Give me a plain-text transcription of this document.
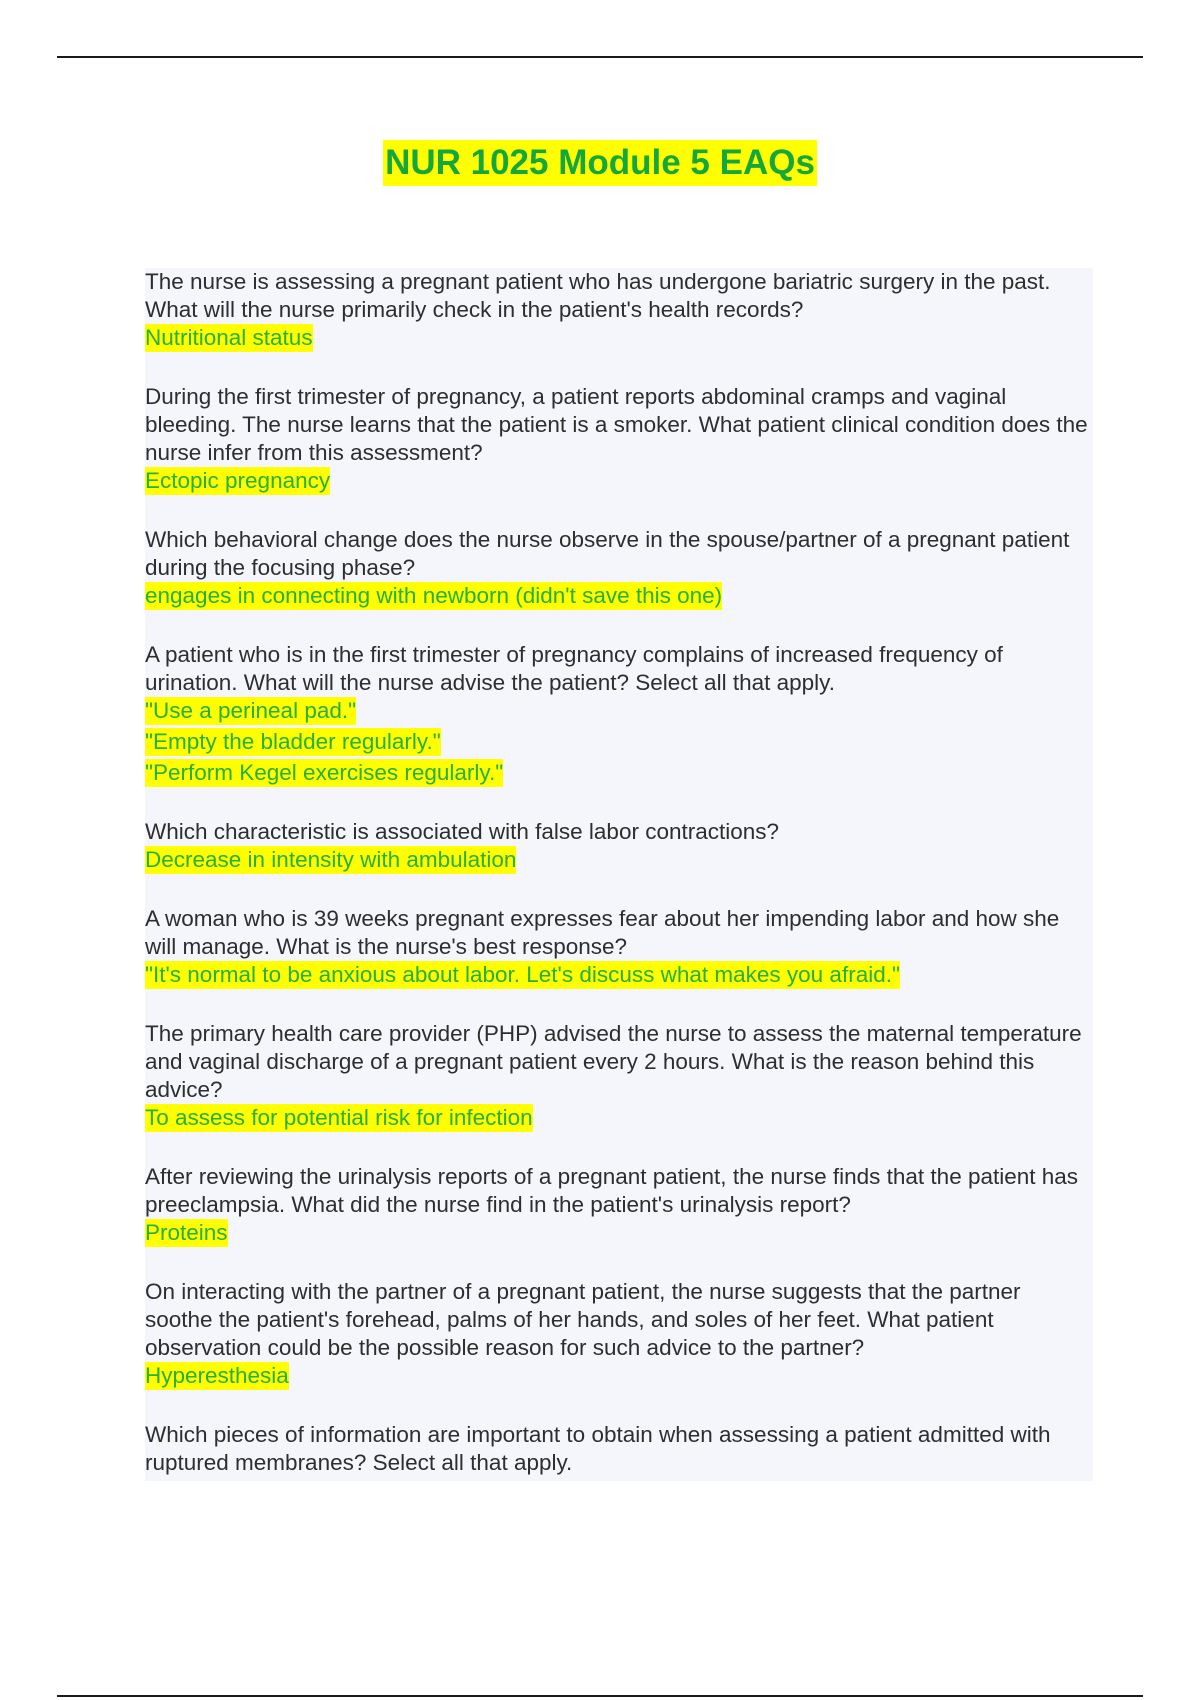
NUR 1025 Module 5 EAQs

The nurse is assessing a pregnant patient who has undergone bariatric surgery in the past. What will the nurse primarily check in the patient's health records?

Nutritional status

During the first trimester of pregnancy, a patient reports abdominal cramps and vaginal bleeding. The nurse learns that the patient is a smoker. What patient clinical condition does the nurse infer from this assessment?

Ectopic pregnancy

Which behavioral change does the nurse observe in the spouse/partner of a pregnant patient during the focusing phase?

engages in connecting with newborn (didn't save this one)

A patient who is in the first trimester of pregnancy complains of increased frequency of urination. What will the nurse advise the patient? Select all that apply.

"Use a perineal pad."
"Empty the bladder regularly."
"Perform Kegel exercises regularly."

Which characteristic is associated with false labor contractions?

Decrease in intensity with ambulation

A woman who is 39 weeks pregnant expresses fear about her impending labor and how she will manage. What is the nurse's best response?

"It's normal to be anxious about labor. Let's discuss what makes you afraid."

The primary health care provider (PHP) advised the nurse to assess the maternal temperature and vaginal discharge of a pregnant patient every 2 hours. What is the reason behind this advice?

To assess for potential risk for infection

After reviewing the urinalysis reports of a pregnant patient, the nurse finds that the patient has preeclampsia. What did the nurse find in the patient's urinalysis report?

Proteins

On interacting with the partner of a pregnant patient, the nurse suggests that the partner soothe the patient's forehead, palms of her hands, and soles of her feet. What patient observation could be the possible reason for such advice to the partner?

Hyperesthesia

Which pieces of information are important to obtain when assessing a patient admitted with ruptured membranes? Select all that apply.
